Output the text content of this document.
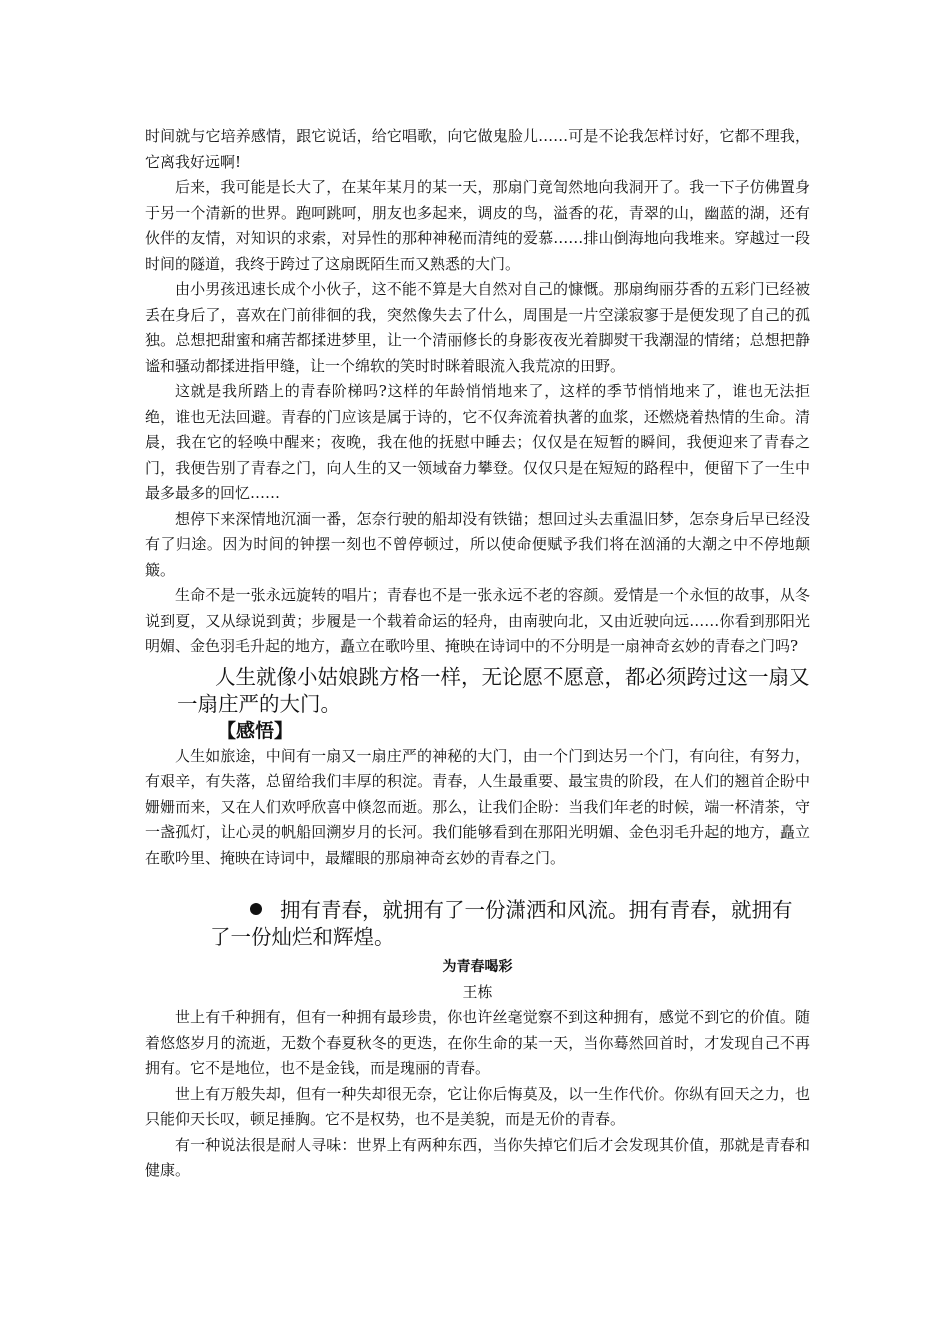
时间就与它培养感情，跟它说话，给它唱歌，向它做鬼脸儿……可是不论我怎样讨好，它都不理我，它离我好远啊!

后来，我可能是长大了，在某年某月的某一天，那扇门竟訇然地向我洞开了。我一下子仿佛置身于另一个清新的世界。跑呵跳呵，朋友也多起来，调皮的鸟，溢香的花，青翠的山，幽蓝的湖，还有伙伴的友情，对知识的求索，对异性的那种神秘而清纯的爱慕……排山倒海地向我堆来。穿越过一段时间的隧道，我终于跨过了这扇既陌生而又熟悉的大门。

由小男孩迅速长成个小伙子，这不能不算是大自然对自己的慷慨。那扇绚丽芬香的五彩门已经被丢在身后了，喜欢在门前徘徊的我，突然像失去了什么，周围是一片空漾寂寥于是便发现了自己的孤独。总想把甜蜜和痛苦都揉进梦里，让一个清丽修长的身影夜夜光着脚熨干我潮湿的情绪；总想把静谧和骚动都揉进指甲缝，让一个绵软的笑时时眯着眼流入我荒凉的田野。

这就是我所踏上的青春阶梯吗?这样的年龄悄悄地来了，这样的季节悄悄地来了，谁也无法拒绝，谁也无法回避。青春的门应该是属于诗的，它不仅奔流着执著的血浆，还燃烧着热情的生命。清晨，我在它的轻唤中醒来；夜晚，我在他的抚慰中睡去；仅仅是在短暂的瞬间，我便迎来了青春之门，我便告别了青春之门，向人生的又一领域奋力攀登。仅仅只是在短短的路程中，便留下了一生中最多最多的回忆……

想停下来深情地沉湎一番，怎奈行驶的船却没有铁锚；想回过头去重温旧梦，怎奈身后早已经没有了归途。因为时间的钟摆一刻也不曾停顿过，所以使命便赋予我们将在汹涌的大潮之中不停地颠簸。

生命不是一张永远旋转的唱片；青春也不是一张永远不老的容颜。爱情是一个永恒的故事，从冬说到夏，又从绿说到黄；步履是一个载着命运的轻舟，由南驶向北，又由近驶向远……你看到那阳光明媚、金色羽毛升起的地方，矗立在歌吟里、掩映在诗词中的不分明是一扇神奇玄妙的青春之门吗?

人生就像小姑娘跳方格一样，无论愿不愿意，都必须跨过这一扇又一扇庄严的大门。

【感悟】

人生如旅途，中间有一扇又一扇庄严的神秘的大门，由一个门到达另一个门，有向往，有努力，有艰辛，有失落，总留给我们丰厚的积淀。青春，人生最重要、最宝贵的阶段，在人们的翘首企盼中姗姗而来，又在人们欢呼欣喜中倏忽而逝。那么，让我们企盼：当我们年老的时候，端一杯清茶，守一盏孤灯，让心灵的帆船回溯岁月的长河。我们能够看到在那阳光明媚、金色羽毛升起的地方，矗立在歌吟里、掩映在诗词中，最耀眼的那扇神奇玄妙的青春之门。

拥有青春，就拥有了一份潇洒和风流。拥有青春，就拥有了一份灿烂和辉煌。

为青春喝彩

王栋

世上有千种拥有，但有一种拥有最珍贵，你也许丝毫觉察不到这种拥有，感觉不到它的价值。随着悠悠岁月的流逝，无数个春夏秋冬的更迭，在你生命的某一天，当你蓦然回首时，才发现自己不再拥有。它不是地位，也不是金钱，而是瑰丽的青春。

世上有万般失却，但有一种失却很无奈，它让你后悔莫及，以一生作代价。你纵有回天之力，也只能仰天长叹，顿足捶胸。它不是权势，也不是美貌，而是无价的青春。

有一种说法很是耐人寻味：世界上有两种东西，当你失掉它们后才会发现其价值，那就是青春和健康。
